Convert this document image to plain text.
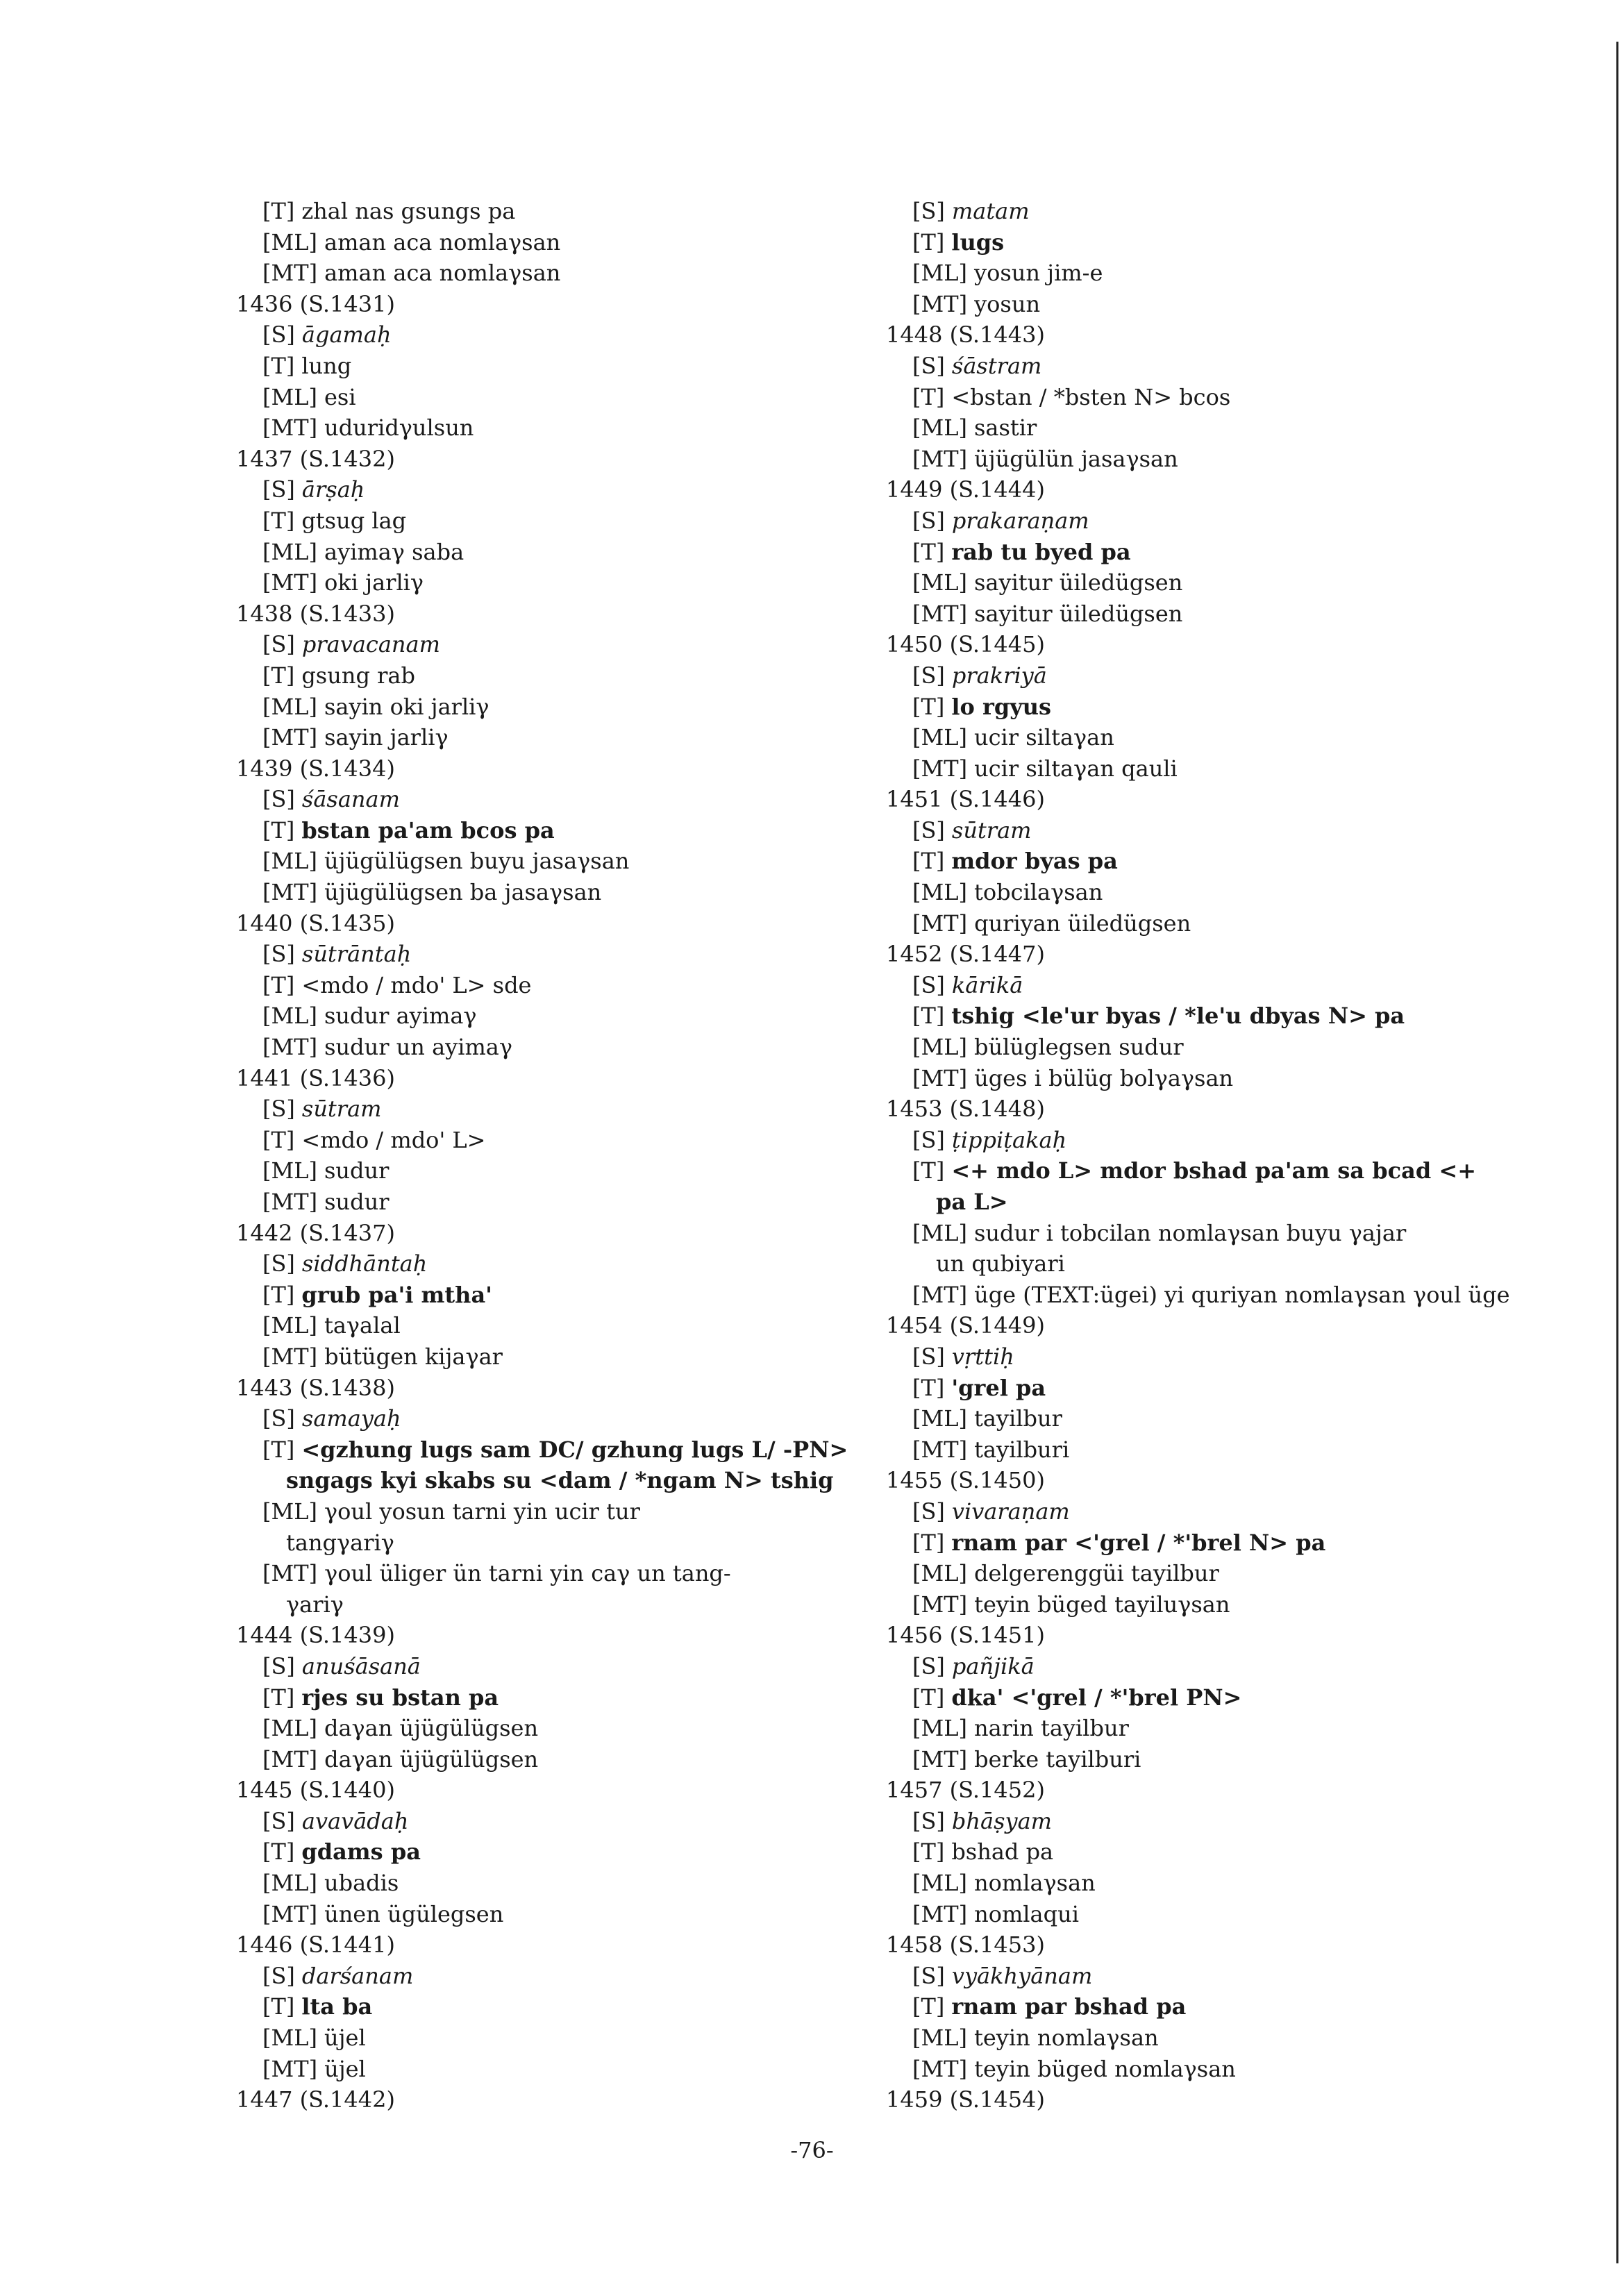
[T] zhal nas gsungs pa
[ML] aman aca nomlaγsan
[MT] aman aca nomlaγsan
1436 (S.1431)
[S] āgamaḥ
[T] lung
[ML] esi
[MT] uduridγulsun
1437 (S.1432)
[S] ārṣaḥ
[T] gtsug lag
[ML] ayimaγ saba
[MT] oki jarliγ
1438 (S.1433)
[S] pravacanam
[T] gsung rab
[ML] sayin oki jarliγ
[MT] sayin jarliγ
1439 (S.1434)
[S] śāsanam
[T] bstan pa'am bcos pa
[ML] üjügülügsen buyu jasaγsan
[MT] üjügülügsen ba jasaγsan
1440 (S.1435)
[S] sūtrāntaḥ
[T] <mdo / mdo' L> sde
[ML] sudur ayimaγ
[MT] sudur un ayimaγ
1441 (S.1436)
[S] sūtram
[T] <mdo / mdo' L>
[ML] sudur
[MT] sudur
1442 (S.1437)
[S] siddhāntaḥ
[T] grub pa'i mtha'
[ML] taγalal
[MT] bütügen kijaγar
1443 (S.1438)
[S] samayaḥ
[T] <gzhung lugs sam DC/ gzhung lugs L/ -PN>
sngags kyi skabs su <dam / *ngam N> tshig
[ML] γoul yosun tarni yin ucir tur
tangγariγ
[MT] γoul üliger ün tarni yin caγ un tang-
γariγ
1444 (S.1439)
[S] anuśāsanā
[T] rjes su bstan pa
[ML] daγan üjügülügsen
[MT] daγan üjügülügsen
1445 (S.1440)
[S] avavādaḥ
[T] gdams pa
[ML] ubadis
[MT] ünen ügülegsen
1446 (S.1441)
[S] darśanam
[T] lta ba
[ML] üjel
[MT] üjel
1447 (S.1442)
[S] matam
[T] lugs
[ML] yosun jim-e
[MT] yosun
1448 (S.1443)
[S] śāstram
[T] <bstan / *bsten N> bcos
[ML] sastir
[MT] üjügülün jasaγsan
1449 (S.1444)
[S] prakaraṇam
[T] rab tu byed pa
[ML] sayitur üiledügsen
[MT] sayitur üiledügsen
1450 (S.1445)
[S] prakriyā
[T] lo rgyus
[ML] ucir siltaγan
[MT] ucir siltaγan qauli
1451 (S.1446)
[S] sūtram
[T] mdor byas pa
[ML] tobcilaγsan
[MT] quriyan üiledügsen
1452 (S.1447)
[S] kārikā
[T] tshig <le'ur byas / *le'u dbyas N> pa
[ML] bülüglegsen sudur
[MT] üges i bülüg bolγaγsan
1453 (S.1448)
[S] ṭippiṭakaḥ
[T] <+ mdo L> mdor bshad pa'am sa bcad <+
pa L>
[ML] sudur i tobcilan nomlaγsan buyu γajar
un qubiyari
[MT] üge (TEXT:ügei) yi quriyan nomlaγsan γoul üge
1454 (S.1449)
[S] vṛttiḥ
[T] 'grel pa
[ML] tayilbur
[MT] tayilburi
1455 (S.1450)
[S] vivaraṇam
[T] rnam par <'grel / *'brel N> pa
[ML] delgerenggüi tayilbur
[MT] teyin büged tayiluγsan
1456 (S.1451)
[S] pañjikā
[T] dka' <'grel / *'brel PN>
[ML] narin tayilbur
[MT] berke tayilburi
1457 (S.1452)
[S] bhāṣyam
[T] bshad pa
[ML] nomlaγsan
[MT] nomlaqui
1458 (S.1453)
[S] vyākhyānam
[T] rnam par bshad pa
[ML] teyin nomlaγsan
[MT] teyin büged nomlaγsan
1459 (S.1454)
-76-
